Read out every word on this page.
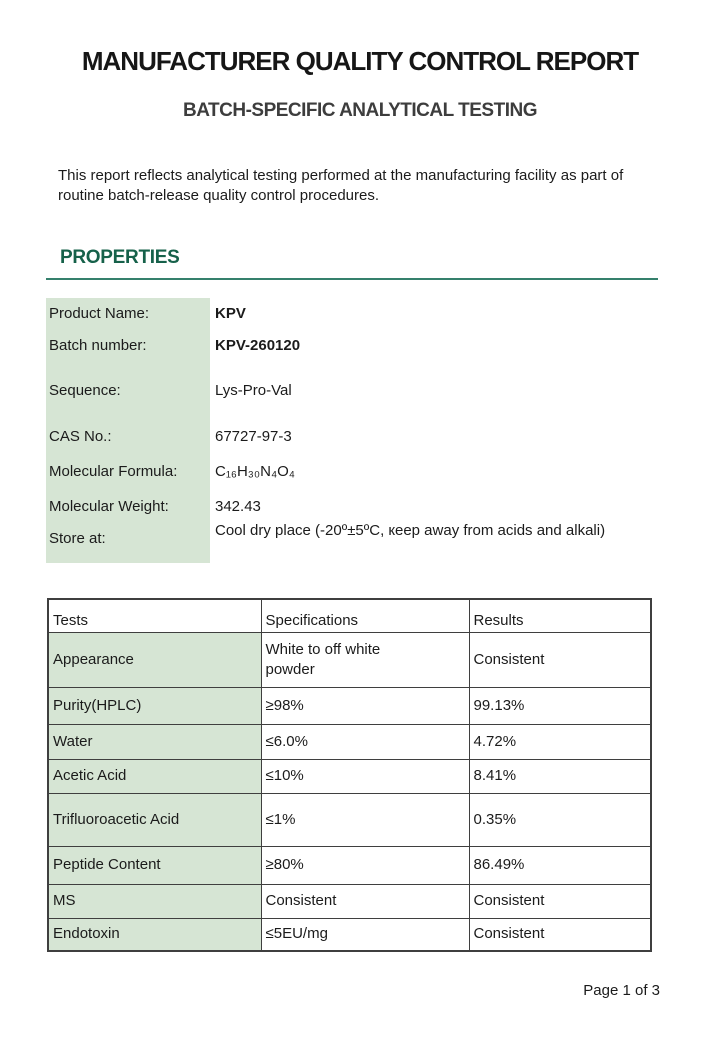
MANUFACTURER QUALITY CONTROL REPORT
BATCH-SPECIFIC ANALYTICAL TESTING

This report reflects analytical testing performed at the manufacturing facility as part of routine batch-release quality control procedures.

PROPERTIES
Product Name:	KPV
Batch number:	KPV-260120
Sequence:	Lys-Pro-Val
CAS No.:	67727-97-3
Molecular Formula:	C₁₆H₃₀N₄O₄
Molecular Weight:	342.43
Store at:	Cool dry place (-20º±5ºC, кeep away from acids and alkali)
Tests	Specifications	Results
Appearance	White to off white powder	Consistent
Purity(HPLC)	≥98%	99.13%
Water	≤6.0%	4.72%
Acetic Acid	≤10%	8.41%
Trifluoroacetic Acid	≤1%	0.35%
Peptide Content	≥80%	86.49%
MS	Consistent	Consistent
Endotoxin	≤5EU/mg	Consistent
Page 1 of 3
